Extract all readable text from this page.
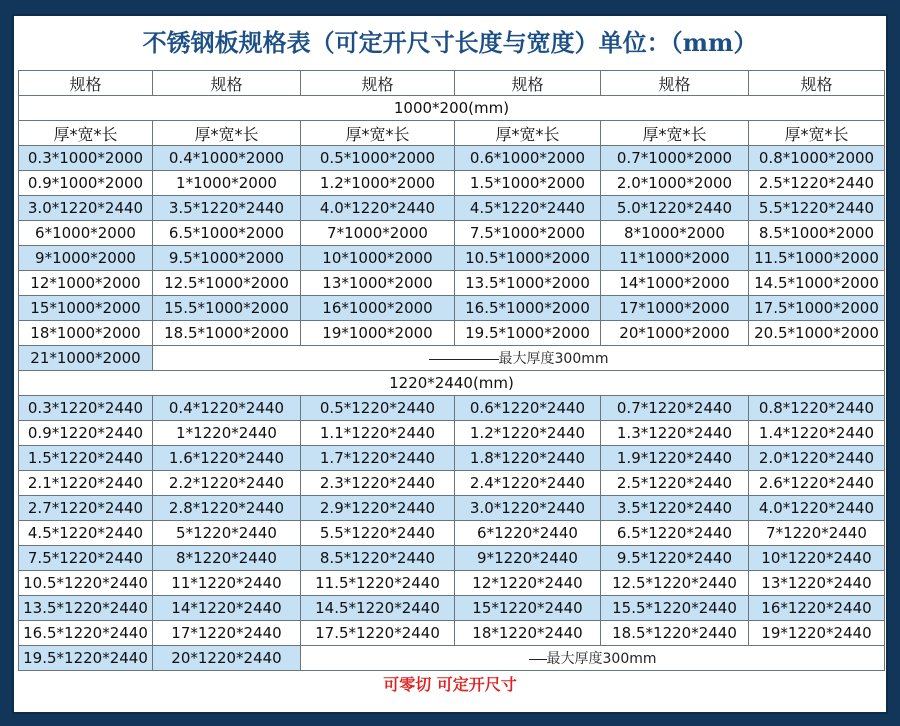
不锈钢板规格表（可定开尺寸长度与宽度）单位：（mm）
规格	规格	规格	规格	规格	规格
1000*200(mm)					
厚*宽*长	厚*宽*长	厚*宽*长	厚*宽*长	厚*宽*长	厚*宽*长
0.3*1000*2000	0.4*1000*2000	0.5*1000*2000	0.6*1000*2000	0.7*1000*2000	0.8*1000*2000
0.9*1000*2000	1*1000*2000	1.2*1000*2000	1.5*1000*2000	2.0*1000*2000	2.5*1220*2440
3.0*1220*2440	3.5*1220*2440	4.0*1220*2440	4.5*1220*2440	5.0*1220*2440	5.5*1220*2440
6*1000*2000	6.5*1000*2000	7*1000*2000	7.5*1000*2000	8*1000*2000	8.5*1000*2000
9*1000*2000	9.5*1000*2000	10*1000*2000	10.5*1000*2000	11*1000*2000	11.5*1000*2000
12*1000*2000	12.5*1000*2000	13*1000*2000	13.5*1000*2000	14*1000*2000	14.5*1000*2000
15*1000*2000	15.5*1000*2000	16*1000*2000	16.5*1000*2000	17*1000*2000	17.5*1000*2000
18*1000*2000	18.5*1000*2000	19*1000*2000	19.5*1000*2000	20*1000*2000	20.5*1000*2000
21*1000*2000	最大厚度300mm				
1220*2440(mm)					
0.3*1220*2440	0.4*1220*2440	0.5*1220*2440	0.6*1220*2440	0.7*1220*2440	0.8*1220*2440
0.9*1220*2440	1*1220*2440	1.1*1220*2440	1.2*1220*2440	1.3*1220*2440	1.4*1220*2440
1.5*1220*2440	1.6*1220*2440	1.7*1220*2440	1.8*1220*2440	1.9*1220*2440	2.0*1220*2440
2.1*1220*2440	2.2*1220*2440	2.3*1220*2440	2.4*1220*2440	2.5*1220*2440	2.6*1220*2440
2.7*1220*2440	2.8*1220*2440	2.9*1220*2440	3.0*1220*2440	3.5*1220*2440	4.0*1220*2440
4.5*1220*2440	5*1220*2440	5.5*1220*2440	6*1220*2440	6.5*1220*2440	7*1220*2440
7.5*1220*2440	8*1220*2440	8.5*1220*2440	9*1220*2440	9.5*1220*2440	10*1220*2440
10.5*1220*2440	11*1220*2440	11.5*1220*2440	12*1220*2440	12.5*1220*2440	13*1220*2440
13.5*1220*2440	14*1220*2440	14.5*1220*2440	15*1220*2440	15.5*1220*2440	16*1220*2440
16.5*1220*2440	17*1220*2440	17.5*1220*2440	18*1220*2440	18.5*1220*2440	19*1220*2440
19.5*1220*2440	20*1220*2440	最大厚度300mm			
可零切 可定开尺寸
